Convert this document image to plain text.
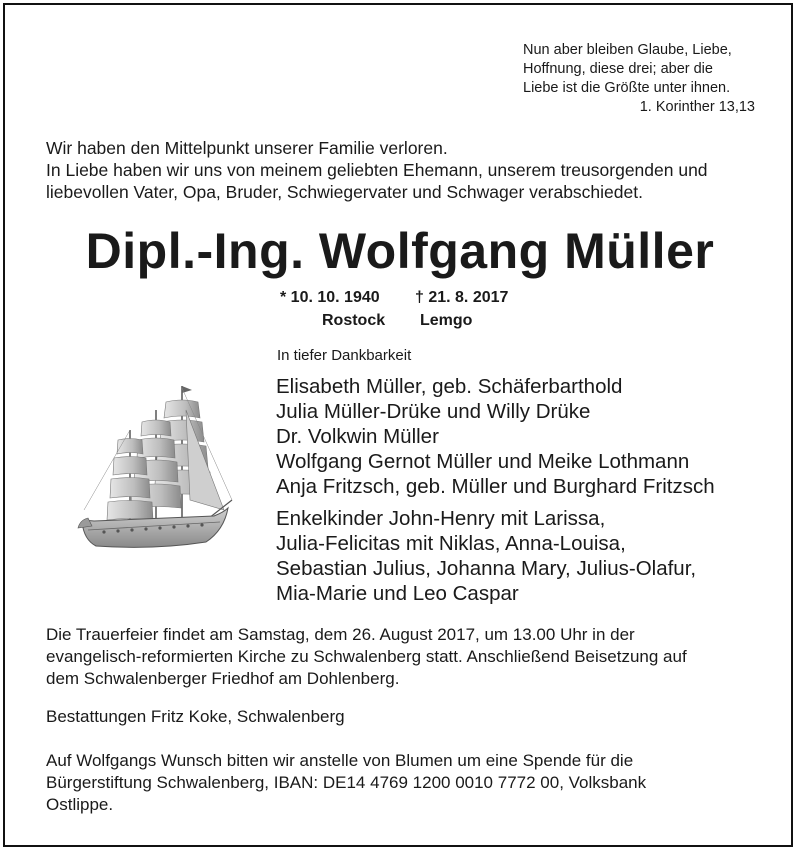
Nun aber bleiben Glaube, Liebe,
Hoffnung, diese drei; aber die
Liebe ist die Größte unter ihnen.
1. Korinther 13,13
Wir haben den Mittelpunkt unserer Familie verloren.
In Liebe haben wir uns von meinem geliebten Ehemann, unserem treusorgenden und
liebevollen Vater, Opa, Bruder, Schwiegervater und Schwager verabschiedet.
Dipl.-Ing. Wolfgang Müller
* 10. 10. 1940	† 21. 8. 2017
Rostock	Lemgo
In tiefer Dankbarkeit
Elisabeth Müller, geb. Schäferbarthold
Julia Müller-Drüke und Willy Drüke
Dr. Volkwin Müller
Wolfgang Gernot Müller und Meike Lothmann
Anja Fritzsch, geb. Müller und Burghard Fritzsch
Enkelkinder John-Henry mit Larissa,
Julia-Felicitas mit Niklas, Anna-Louisa,
Sebastian Julius, Johanna Mary, Julius-Olafur,
Mia-Marie und Leo Caspar
Die Trauerfeier findet am Samstag, dem 26. August 2017, um 13.00 Uhr in der
evangelisch-reformierten Kirche zu Schwalenberg statt. Anschließend Beisetzung auf
dem Schwalenberger Friedhof am Dohlenberg.
Bestattungen Fritz Koke, Schwalenberg
Auf Wolfgangs Wunsch bitten wir anstelle von Blumen um eine Spende für die
Bürgerstiftung Schwalenberg, IBAN: DE14 4769 1200 0010 7772 00, Volksbank
Ostlippe.
